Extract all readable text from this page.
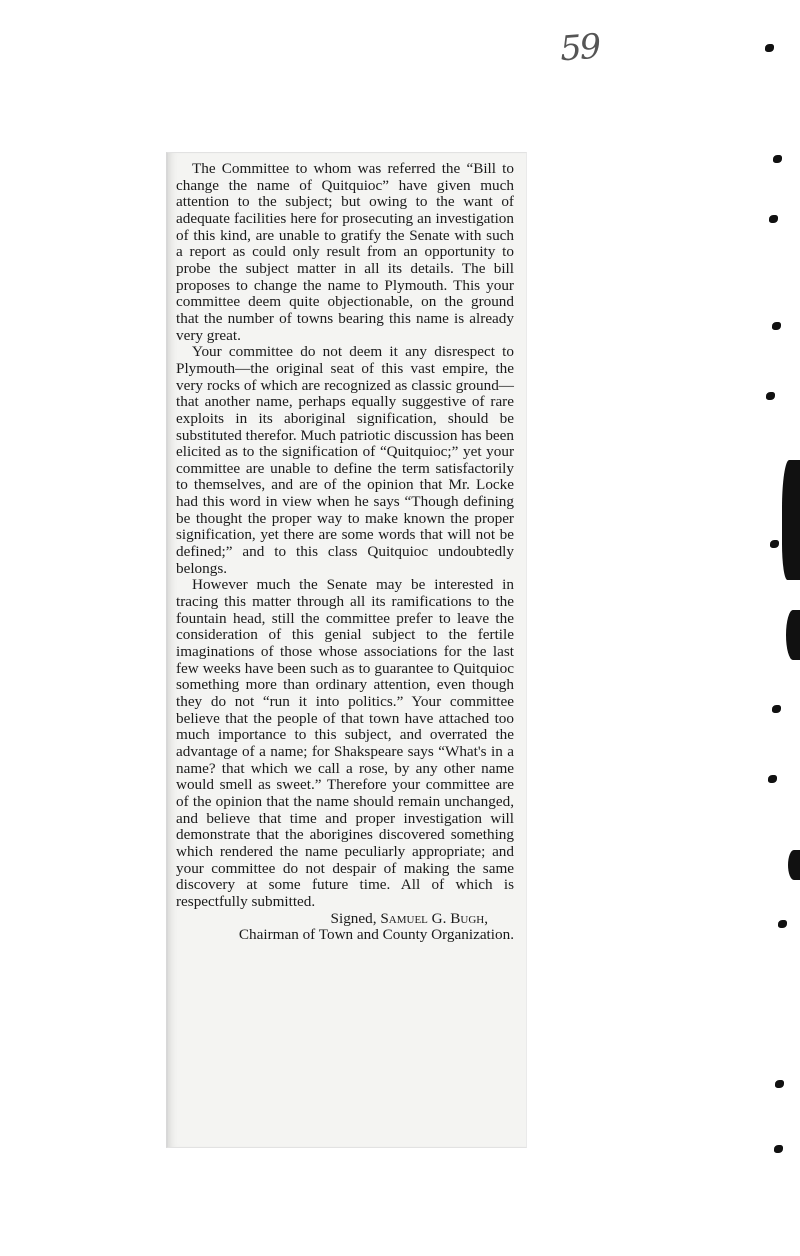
59

The Committee to whom was referred the “Bill to change the name of Quitquioc” have given much attention to the subject; but owing to the want of adequate facilities here for prosecuting an investigation of this kind, are unable to gratify the Senate with such a report as could only result from an opportunity to probe the subject matter in all its details. The bill proposes to change the name to Plymouth. This your committee deem quite objectionable, on the ground that the number of towns bearing this name is already very great.

Your committee do not deem it any disrespect to Plymouth—the original seat of this vast empire, the very rocks of which are recognized as classic ground—that another name, perhaps equally suggestive of rare exploits in its aboriginal signification, should be substituted therefor. Much patriotic discussion has been elicited as to the signification of “Quitquioc;” yet your committee are unable to define the term satisfactorily to themselves, and are of the opinion that Mr. Locke had this word in view when he says “Though defining be thought the proper way to make known the proper signification, yet there are some words that will not be defined;” and to this class Quitquioc undoubtedly belongs.

However much the Senate may be interested in tracing this matter through all its ramifications to the fountain head, still the committee prefer to leave the consideration of this genial subject to the fertile imaginations of those whose associations for the last few weeks have been such as to guarantee to Quitquioc something more than ordinary attention, even though they do not “run it into politics.” Your committee believe that the people of that town have attached too much importance to this subject, and overrated the advantage of a name; for Shakspeare says “What's in a name? that which we call a rose, by any other name would smell as sweet.” Therefore your committee are of the opinion that the name should remain unchanged, and believe that time and proper investigation will demonstrate that the aborigines discovered something which rendered the name peculiarly appropriate; and your committee do not despair of making the same discovery at some future time. All of which is respectfully submitted.

Signed, Samuel G. Bugh,
Chairman of Town and County Organization.
